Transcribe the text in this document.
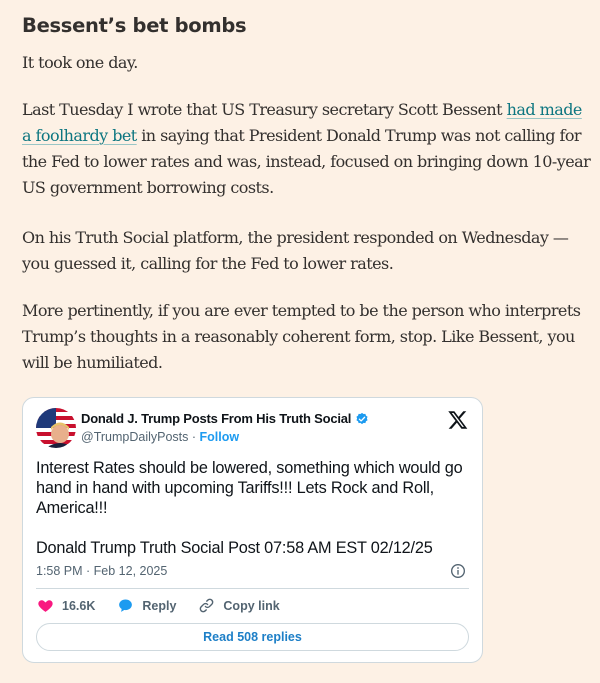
Bessent’s bet bombs

It took one day.

Last Tuesday I wrote that US Treasury secretary Scott Bessent had made a foolhardy bet in saying that President Donald Trump was not calling for the Fed to lower rates and was, instead, focused on bringing down 10-year US government borrowing costs.

On his Truth Social platform, the president responded on Wednesday — you guessed it, calling for the Fed to lower rates.

More pertinently, if you are ever tempted to be the person who interprets Trump’s thoughts in a reasonably coherent form, stop. Like Bessent, you will be humiliated.

Donald J. Trump Posts From His Truth Social
@TrumpDailyPosts · Follow
Interest Rates should be lowered, something which would go hand in hand with upcoming Tariffs!!! Lets Rock and Roll, America!!!
Donald Trump Truth Social Post 07:58 AM EST 02/12/25
1:58 PM · Feb 12, 2025
16.6K	Reply	Copy link
Read 508 replies
